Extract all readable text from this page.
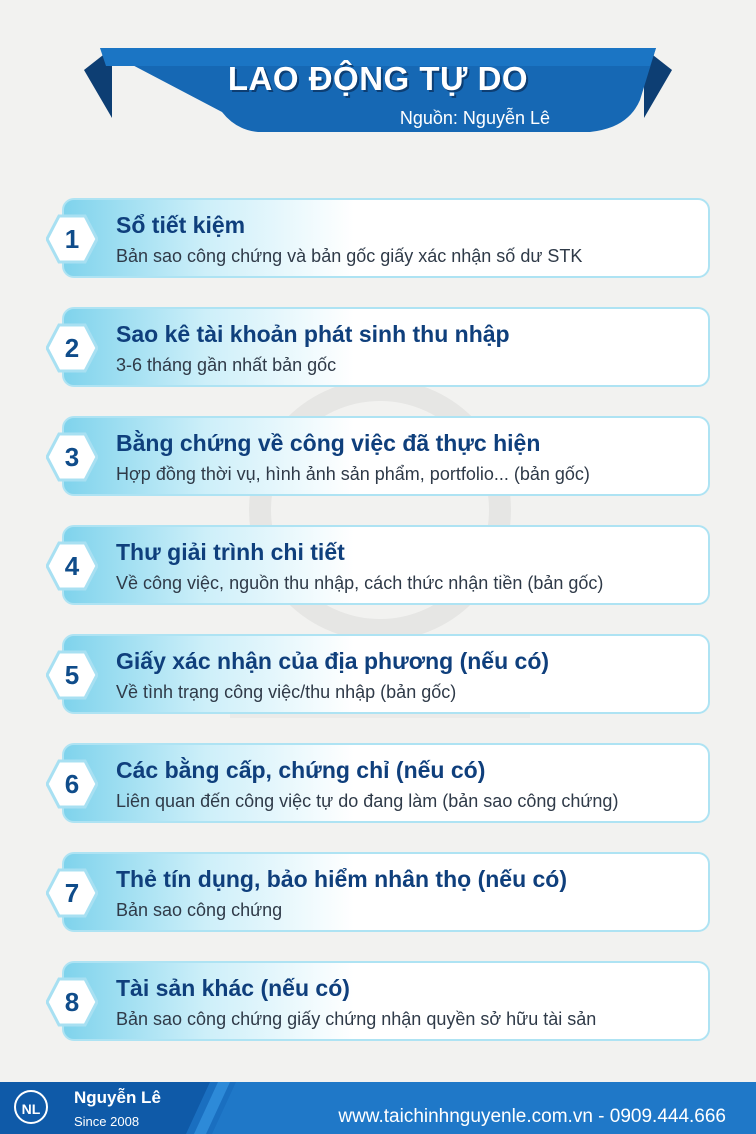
LAO ĐỘNG TỰ DO
Nguồn: Nguyễn Lê
1	Sổ tiết kiệm
Bản sao công chứng và bản gốc giấy xác nhận số dư STK
2	Sao kê tài khoản phát sinh thu nhập
3-6 tháng gần nhất bản gốc
3	Bằng chứng về công việc đã thực hiện
Hợp đồng thời vụ, hình ảnh sản phẩm, portfolio... (bản gốc)
4	Thư giải trình chi tiết
Về công việc, nguồn thu nhập, cách thức nhận tiền (bản gốc)
5	Giấy xác nhận của địa phương (nếu có)
Về tình trạng công việc/thu nhập (bản gốc)
6	Các bằng cấp, chứng chỉ (nếu có)
Liên quan đến công việc tự do đang làm (bản sao công chứng)
7	Thẻ tín dụng, bảo hiểm nhân thọ (nếu có)
Bản sao công chứng
8	Tài sản khác (nếu có)
Bản sao công chứng giấy chứng nhận quyền sở hữu tài sản
NL
Nguyễn Lê
Since 2008	www.taichinhnguyenle.com.vn - 0909.444.666
